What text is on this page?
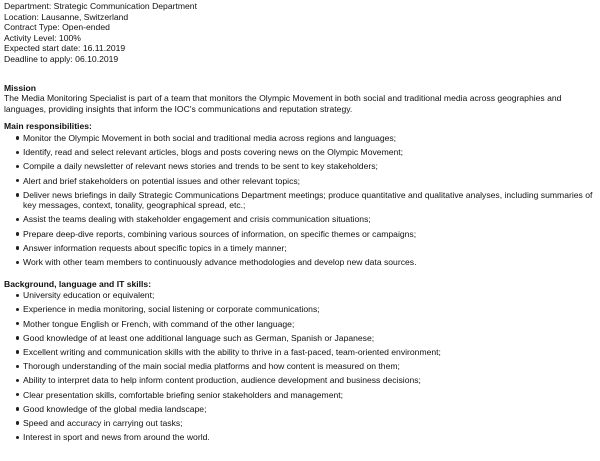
Department: Strategic Communication Department
Location: Lausanne, Switzerland
Contract Type: Open-ended
Activity Level: 100%
Expected start date: 16.11.2019
Deadline to apply: 06.10.2019
Mission
The Media Monitoring Specialist is part of a team that monitors the Olympic Movement in both social and traditional media across geographies and languages, providing insights that inform the IOC's communications and reputation strategy.
Main responsibilities:
Monitor the Olympic Movement in both social and traditional media across regions and languages;
Identify, read and select relevant articles, blogs and posts covering news on the Olympic Movement;
Compile a daily newsletter of relevant news stories and trends to be sent to key stakeholders;
Alert and brief stakeholders on potential issues and other relevant topics;
Deliver news briefings in daily Strategic Communications Department meetings; produce quantitative and qualitative analyses, including summaries of key messages, context, tonality, geographical spread, etc.;
Assist the teams dealing with stakeholder engagement and crisis communication situations;
Prepare deep-dive reports, combining various sources of information, on specific themes or campaigns;
Answer information requests about specific topics in a timely manner;
Work with other team members to continuously advance methodologies and develop new data sources.
Background, language and IT skills:
University education or equivalent;
Experience in media monitoring, social listening or corporate communications;
Mother tongue English or French, with command of the other language;
Good knowledge of at least one additional language such as German, Spanish or Japanese;
Excellent writing and communication skills with the ability to thrive in a fast-paced, team-oriented environment;
Thorough understanding of the main social media platforms and how content is measured on them;
Ability to interpret data to help inform content production, audience development and business decisions;
Clear presentation skills, comfortable briefing senior stakeholders and management;
Good knowledge of the global media landscape;
Speed and accuracy in carrying out tasks;
Interest in sport and news from around the world.
